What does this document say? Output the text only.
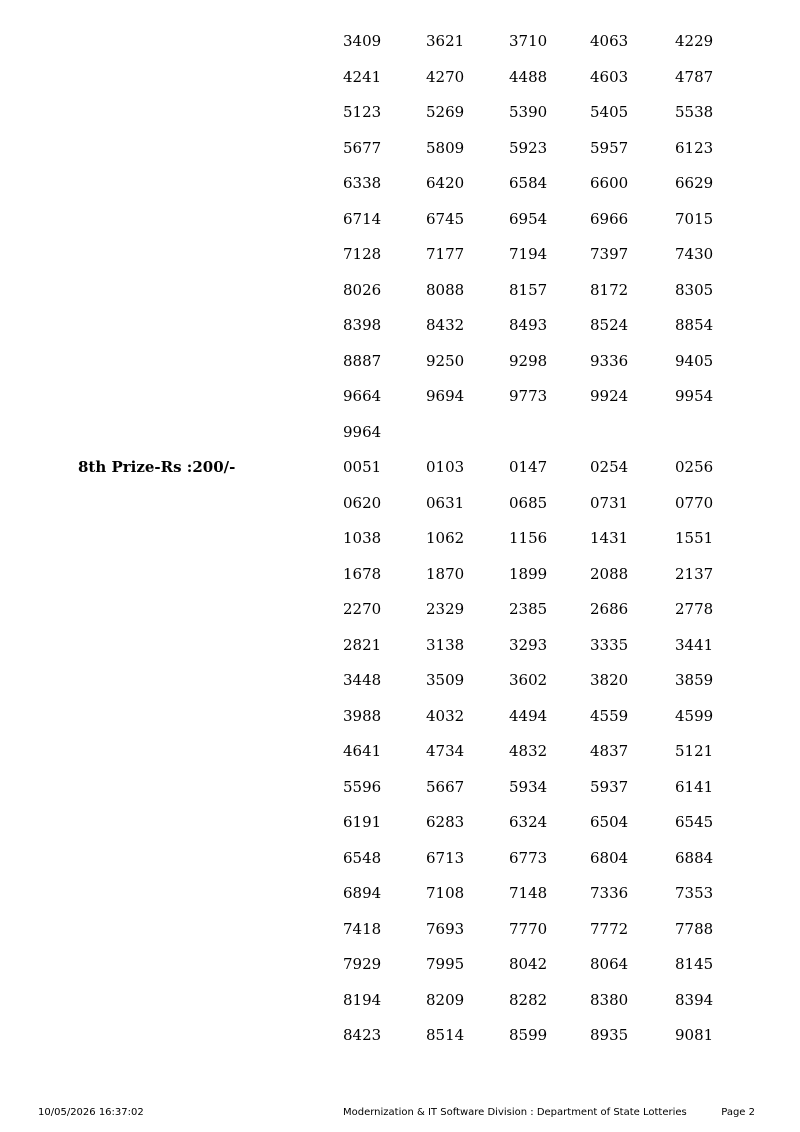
3409	3621	3710	4063	4229
4241	4270	4488	4603	4787
5123	5269	5390	5405	5538
5677	5809	5923	5957	6123
6338	6420	6584	6600	6629
6714	6745	6954	6966	7015
7128	7177	7194	7397	7430
8026	8088	8157	8172	8305
8398	8432	8493	8524	8854
8887	9250	9298	9336	9405
9664	9694	9773	9924	9954
9964
8th Prize-Rs :200/-	0051	0103	0147	0254	0256
0620	0631	0685	0731	0770
1038	1062	1156	1431	1551
1678	1870	1899	2088	2137
2270	2329	2385	2686	2778
2821	3138	3293	3335	3441
3448	3509	3602	3820	3859
3988	4032	4494	4559	4599
4641	4734	4832	4837	5121
5596	5667	5934	5937	6141
6191	6283	6324	6504	6545
6548	6713	6773	6804	6884
6894	7108	7148	7336	7353
7418	7693	7770	7772	7788
7929	7995	8042	8064	8145
8194	8209	8282	8380	8394
8423	8514	8599	8935	9081
10/05/2026 16:37:02	Modernization & IT Software Division : Department of State Lotteries	Page 2
